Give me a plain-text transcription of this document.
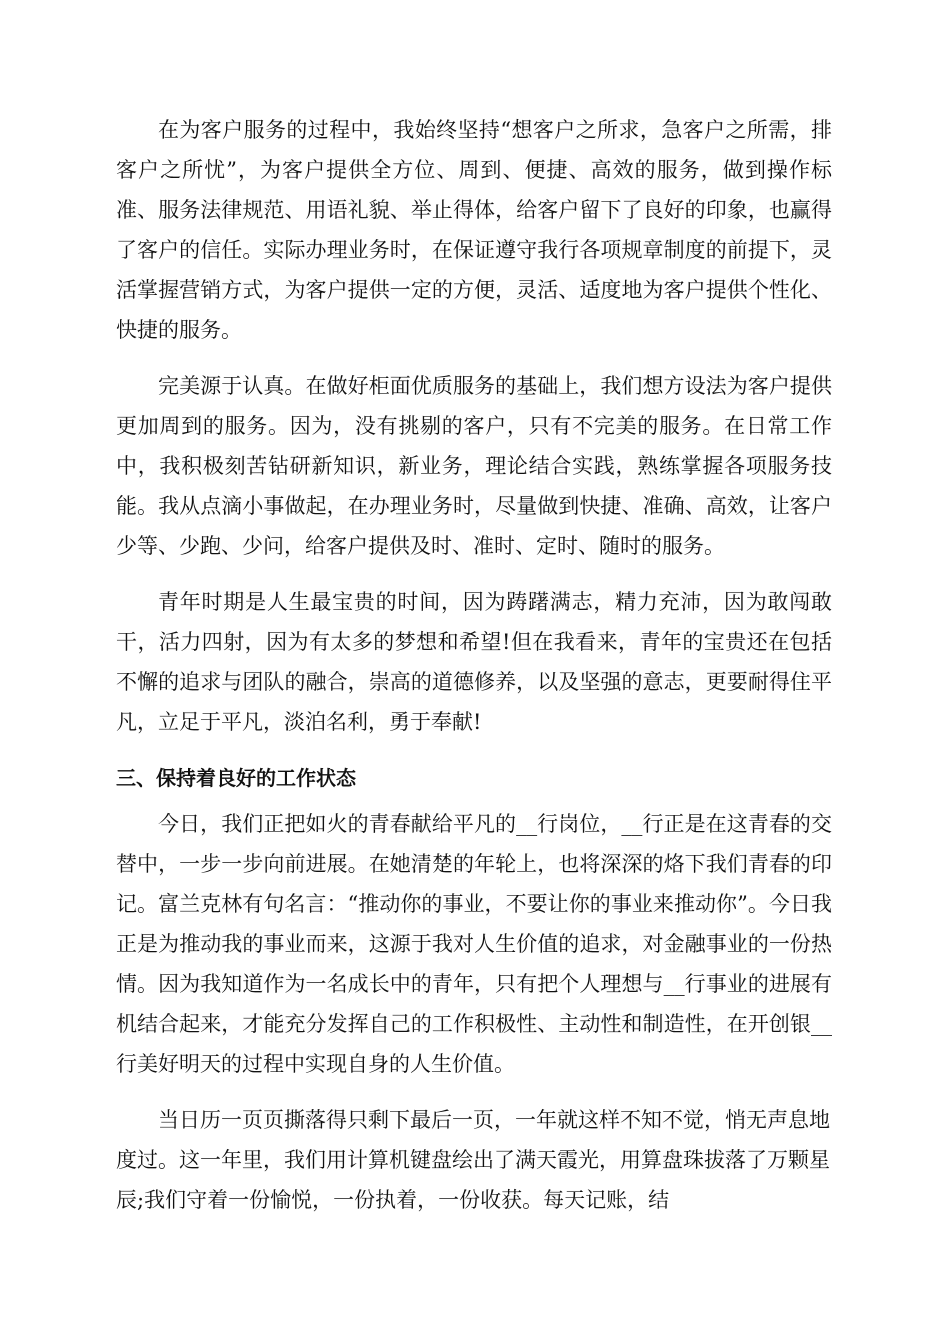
在为客户服务的过程中，我始终坚持“想客户之所求，急客户之所需，排客户之所忧”，为客户提供全方位、周到、便捷、高效的服务，做到操作标准、服务法律规范、用语礼貌、举止得体，给客户留下了良好的印象，也赢得了客户的信任。实际办理业务时，在保证遵守我行各项规章制度的前提下，灵活掌握营销方式，为客户提供一定的方便，灵活、适度地为客户提供个性化、快捷的服务。

完美源于认真。在做好柜面优质服务的基础上，我们想方设法为客户提供更加周到的服务。因为，没有挑剔的客户，只有不完美的服务。在日常工作中，我积极刻苦钻研新知识，新业务，理论结合实践，熟练掌握各项服务技能。我从点滴小事做起，在办理业务时，尽量做到快捷、准确、高效，让客户少等、少跑、少问，给客户提供及时、准时、定时、随时的服务。

青年时期是人生最宝贵的时间，因为踌躇满志，精力充沛，因为敢闯敢干，活力四射，因为有太多的梦想和希望!但在我看来，青年的宝贵还在包括不懈的追求与团队的融合，崇高的道德修养，以及坚强的意志，更要耐得住平凡，立足于平凡，淡泊名利，勇于奉献!

三、保持着良好的工作状态

今日，我们正把如火的青春献给平凡的__行岗位，__行正是在这青春的交替中，一步一步向前进展。在她清楚的年轮上，也将深深的烙下我们青春的印记。富兰克林有句名言：“推动你的事业，不要让你的事业来推动你”。今日我正是为推动我的事业而来，这源于我对人生价值的追求，对金融事业的一份热情。因为我知道作为一名成长中的青年，只有把个人理想与__行事业的进展有机结合起来，才能充分发挥自己的工作积极性、主动性和制造性，在开创银__行美好明天的过程中实现自身的人生价值。

当日历一页页撕落得只剩下最后一页，一年就这样不知不觉，悄无声息地度过。这一年里，我们用计算机键盘绘出了满天霞光，用算盘珠拔落了万颗星辰;我们守着一份愉悦，一份执着，一份收获。每天记账，结
